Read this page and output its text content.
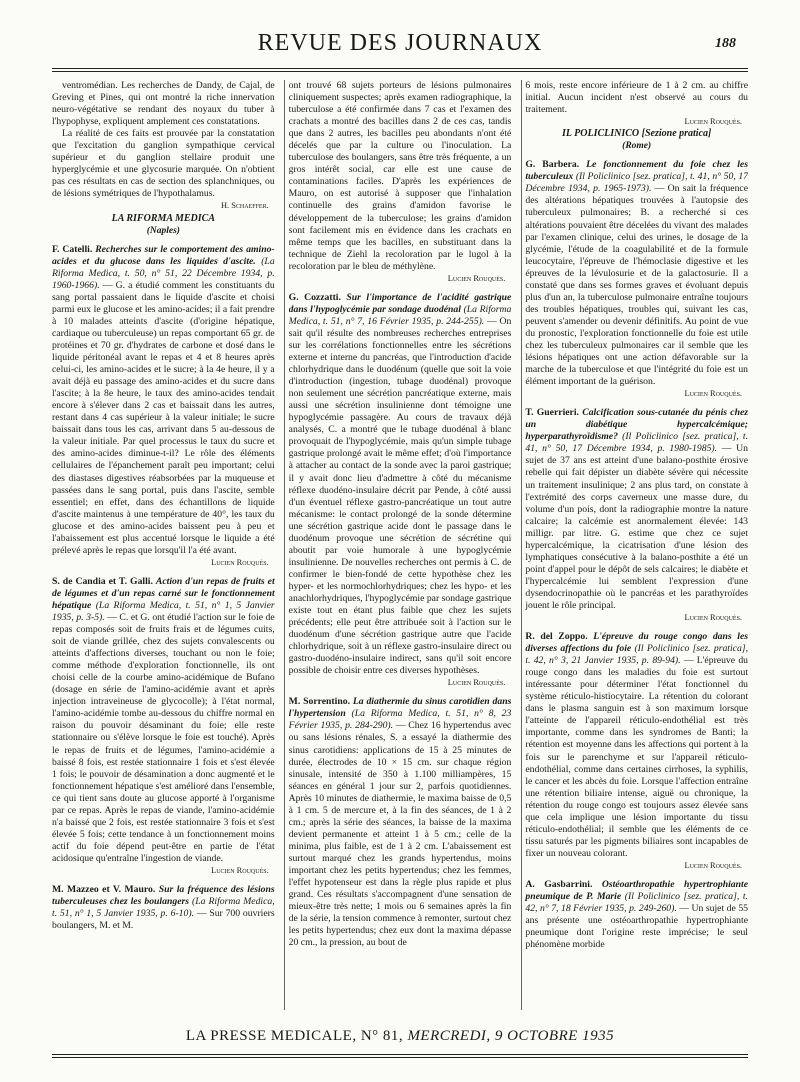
REVUE DES JOURNAUX	188

ventromédian. Les recherches de Dandy, de Cajal, de Greving et Pines, qui ont montré la riche innervation neuro-végétative se rendant des noyaux du tuber à l'hypophyse, expliquent amplement ces constatations.

La réalité de ces faits est prouvée par la constatation que l'excitation du ganglion sympathique cervical supérieur et du ganglion stellaire produit une hyperglycémie et une glycosurie marquée. On n'obtient pas ces résultats en cas de section des splanchniques, ou de lésions symétriques de l'hypothalamus.

H. Schaeffer.

LA RIFORMA MEDICA

(Naples)

F. Catelli. Recherches sur le comportement des amino-acides et du glucose dans les liquides d'ascite. (La Riforma Medica, t. 50, n° 51, 22 Décembre 1934, p. 1960-1966). — G. a étudié comment les constituants du sang portal passaient dans le liquide d'ascite et choisi parmi eux le glucose et les amino-acides; il a fait prendre à 10 malades atteints d'ascite (d'origine hépatique, cardiaque ou tuberculeuse) un repas comportant 65 gr. de protéines et 70 gr. d'hydrates de carbone et dosé dans le liquide péritonéal avant le repas et 4 et 8 heures après celui-ci, les amino-acides et le sucre; à la 4e heure, il y a avait déjà eu passage des amino-acides et du sucre dans l'ascite; à la 8e heure, le taux des amino-acides tendait encore à s'élever dans 2 cas et baissait dans les autres, restant dans 4 cas supérieur à la valeur initiale; le sucre baissait dans tous les cas, arrivant dans 5 au-dessous de la valeur initiale. Par quel processus le taux du sucre et des amino-acides diminue-t-il? Le rôle des éléments cellulaires de l'épanchement paraît peu important; celui des diastases digestives réabsorbées par la muqueuse et passées dans le sang portal, puis dans l'ascite, semble essentiel; en effet, dans des échantillons de liquide d'ascite maintenus à une température de 40°, les taux du glucose et des amino-acides baissent peu à peu et l'abaissement est plus accentué lorsque le liquide a été prélevé après le repas que lorsqu'il l'a été avant.

Lucien Rouquès.

S. de Candia et T. Galli. Action d'un repas de fruits et de légumes et d'un repas carné sur le fonctionnement hépatique (La Riforma Medica, t. 51, n° 1, 5 Janvier 1935, p. 3-5). — C. et G. ont étudié l'action sur le foie de repas composés soit de fruits frais et de légumes cuits, soit de viande grillée, chez des sujets convalescents ou atteints d'affections diverses, touchant ou non le foie; comme méthode d'exploration fonctionnelle, ils ont choisi celle de la courbe amino-acidémique de Bufano (dosage en série de l'amino-acidémie avant et après injection intraveineuse de glycocolle); à l'état normal, l'amino-acidémie tombe au-dessous du chiffre normal en raison du pouvoir désaminant du foie; elle reste stationnaire ou s'élève lorsque le foie est touché). Après le repas de fruits et de légumes, l'amino-acidémie a baissé 8 fois, est restée stationnaire 1 fois et s'est élevée 1 fois; le pouvoir de désamination a donc augmenté et le fonctionnement hépatique s'est amélioré dans l'ensemble, ce qui tient sans doute au glucose apporté à l'organisme par ce repas. Après le repas de viande, l'amino-acidémie n'a baissé que 2 fois, est restée stationnaire 3 fois et s'est élevée 5 fois; cette tendance à un fonctionnement moins actif du foie dépend peut-être en partie de l'état acidosique qu'entraîne l'ingestion de viande.

Lucien Rouquès.

M. Mazzeo et V. Mauro. Sur la fréquence des lésions tuberculeuses chez les boulangers (La Riforma Medica, t. 51, n° 1, 5 Janvier 1935, p. 6-10). — Sur 700 ouvriers boulangers, M. et M.

ont trouvé 68 sujets porteurs de lésions pulmonaires cliniquement suspectes; après examen radiographique, la tuberculose a été confirmée dans 7 cas et l'examen des crachats a montré des bacilles dans 2 de ces cas, tandis que dans 2 autres, les bacilles peu abondants n'ont été décelés que par la culture ou l'inoculation. La tuberculose des boulangers, sans être très fréquente, a un gros intérêt social, car elle est une cause de contaminations faciles. D'après les expériences de Mauro, on est autorisé à supposer que l'inhalation continuelle des grains d'amidon favorise le développement de la tuberculose; les grains d'amidon sont facilement mis en évidence dans les crachats en même temps que les bacilles, en substituant dans la technique de Ziehl la recoloration par le lugol à la recoloration par le bleu de méthylène.

Lucien Rouquès.

G. Cozzatti. Sur l'importance de l'acidité gastrique dans l'hypoglycémie par sondage duodénal (La Riforma Medica, t. 51, n° 7, 16 Février 1935, p. 244-255). — On sait qu'il résulte des nombreuses recherches entreprises sur les corrélations fonctionnelles entre les sécrétions externe et interne du pancréas, que l'introduction d'acide chlorhydrique dans le duodénum (quelle que soit la voie d'introduction (ingestion, tubage duodénal) provoque non seulement une sécrétion pancréatique externe, mais aussi une sécrétion insulinienne dont témoigne une hypoglycémie passagère. Au cours de travaux déjà analysés, C. a montré que le tubage duodénal à blanc provoquait de l'hypoglycémie, mais qu'un simple tubage gastrique prolongé avait le même effet; d'où l'importance à attacher au contact de la sonde avec la paroi gastrique; il y avait donc lieu d'admettre à côté du mécanisme réflexe duodéno-insulaire décrit par Pende, à côté aussi d'un éventuel réflexe gastro-pancréatique un tout autre mécanisme: le contact prolongé de la sonde détermine une sécrétion gastrique acide dont le passage dans le duodénum provoque une sécrétion de sécrétine qui aboutit par voie humorale à une hypoglycémie insulinienne. De nouvelles recherches ont permis à C. de confirmer le bien-fondé de cette hypothèse chez les hyper- et les normochlorhydriques; chez les hypo- et les anachlorhydriques, l'hypoglycémie par sondage gastrique existe tout en étant plus faible que chez les sujets précédents; elle peut être attribuée soit à l'action sur le duodénum d'une sécrétion gastrique autre que l'acide chlorhydrique, soit à un réflexe gastro-insulaire direct ou gastro-duodéno-insulaire indirect, sans qu'il soit encore possible de choisir entre ces diverses hypothèses.

Lucien Rouquès.

M. Sorrentino. La diathermie du sinus carotidien dans l'hypertension (La Riforma Medica, t. 51, n° 8, 23 Février 1935, p. 284-290). — Chez 16 hypertendus avec ou sans lésions rénales, S. a essayé la diathermie des sinus carotidiens: applications de 15 à 25 minutes de durée, électrodes de 10 × 15 cm. sur chaque région sinusale, intensité de 350 à 1.100 milliampères, 15 séances en général 1 jour sur 2, parfois quotidiennes. Après 10 minutes de diathermie, le maxima baisse de 0,5 à 1 cm. 5 de mercure et, à la fin des séances, de 1 à 2 cm.; après la série des séances, la baisse de la maxima devient permanente et atteint 1 à 5 cm.; celle de la minima, plus faible, est de 1 à 2 cm. L'abaissement est surtout marqué chez les grands hypertendus, moins important chez les petits hypertendus; chez les femmes, l'effet hypotenseur est dans la règle plus rapide et plus grand. Ces résultats s'accompagnent d'une sensation de mieux-être très nette; 1 mois ou 6 semaines après la fin de la série, la tension commence à remonter, surtout chez les petits hypertendus; chez eux dont la maxima dépasse 20 cm., la pression, au bout de

6 mois, reste encore inférieure de 1 à 2 cm. au chiffre initial. Aucun incident n'est observé au cours du traitement.

Lucien Rouquès.

IL POLICLINICO [Sezione pratica]

(Rome)

G. Barbera. Le fonctionnement du foie chez les tuberculeux (Il Policlinico [sez. pratica], t. 41, n° 50, 17 Décembre 1934, p. 1965-1973). — On sait la fréquence des altérations hépatiques trouvées à l'autopsie des tuberculeux pulmonaires; B. a recherché si ces altérations pouvaient être décelées du vivant des malades par l'examen clinique, celui des urines, le dosage de la glycémie, l'étude de la coagulabilité et de la formule leucocytaire, l'épreuve de l'hémoclasie digestive et les épreuves de la lévulosurie et de la galactosurie. Il a constaté que dans ses formes graves et évoluant depuis plus d'un an, la tuberculose pulmonaire entraîne toujours des troubles hépatiques, troubles qui, suivant les cas, peuvent s'amender ou devenir définitifs. Au point de vue du pronostic, l'exploration fonctionnelle du foie est utile chez les tuberculeux pulmonaires car il semble que les lésions hépatiques ont une action défavorable sur la marche de la tuberculose et que l'intégrité du foie est un élément important de la guérison.

Lucien Rouquès.

T. Guerrieri. Calcification sous-cutanée du pénis chez un diabétique hypercalcémique; hyperparathyroïdisme? (Il Policlinico [sez. pratica], t. 41, n° 50, 17 Décembre 1934, p. 1980-1985). — Un sujet de 37 ans est atteint d'une balano-posthite érosive rebelle qui fait dépister un diabète sévère qui nécessite un traitement insulinique; 2 ans plus tard, on constate à l'extrémité des corps caverneux une masse dure, du volume d'un pois, dont la radiographie montre la nature calcaire; la calcémie est anormalement élevée: 143 milligr. par litre. G. estime que chez ce sujet hypercalcémique, la cicatrisation d'une lésion des lymphatiques consécutive à la balano-posthite a été un point d'appel pour le dépôt de sels calcaires; le diabète et l'hypercalcémie lui semblent l'expression d'une dysendocrinopathie où le pancréas et les parathyroïdes jouent le rôle principal.

Lucien Rouquès.

R. del Zoppo. L'épreuve du rouge congo dans les diverses affections du foie (Il Policlinico [sez. pratica], t. 42, n° 3, 21 Janvier 1935, p. 89-94). — L'épreuve du rouge congo dans les maladies du foie est surtout intéressante pour déterminer l'état fonctionnel du système réticulo-histiocytaire. La rétention du colorant dans le plasma sanguin est à son maximum lorsque l'atteinte de l'appareil réticulo-endothélial est très importante, comme dans les syndromes de Banti; la rétention est moyenne dans les affections qui portent à la fois sur le parenchyme et sur l'appareil réticulo-endothélial, comme dans certaines cirrhoses, la syphilis, le cancer et les abcès du foie. Lorsque l'affection entraîne une rétention biliaire intense, aiguë ou chronique, la rétention du rouge congo est toujours assez élevée sans que cela implique une lésion importante du tissu réticulo-endothélial; il semble que les éléments de ce tissu saturés par les pigments biliaires sont incapables de fixer un nouveau colorant.

Lucien Rouquès.

A. Gasbarrini. Ostéoarthropathie hypertrophiante pneumique de P. Marie (Il Policlinico [sez. pratica], t. 42, n° 7, 18 Février 1935, p. 249-260). — Un sujet de 55 ans présente une ostéoarthropathie hypertrophiante pneumique dont l'origine reste imprécise; le seul phénomène morbide

LA PRESSE MEDICALE, N° 81, MERCREDI, 9 OCTOBRE 1935
